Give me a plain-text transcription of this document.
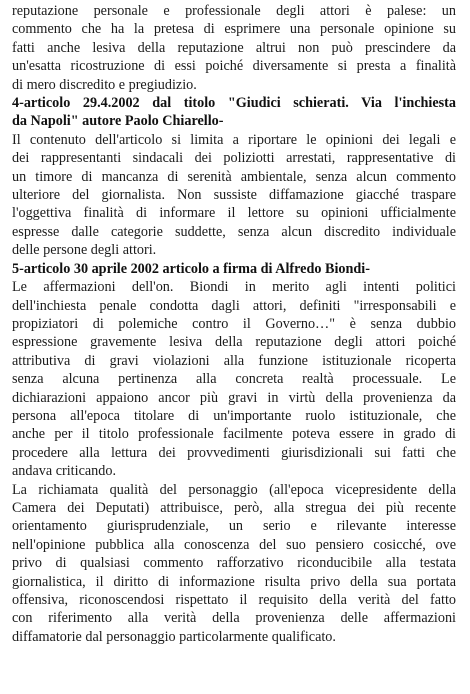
reputazione personale e professionale degli attori è palese: un
commento che ha la pretesa di esprimere una personale opinione su
fatti anche lesiva della reputazione altrui non può prescindere da
un'esatta ricostruzione di essi poiché diversamente si presta a finalità
di mero discredito e pregiudizio.
4-articolo 29.4.2002 dal titolo "Giudici schierati. Via l'inchiesta
da Napoli" autore Paolo Chiarello-
Il contenuto dell'articolo si limita a riportare le opinioni dei legali e
dei rappresentanti sindacali dei poliziotti arrestati, rappresentative di
un timore di mancanza di serenità ambientale, senza alcun commento
ulteriore del giornalista. Non sussiste diffamazione giacché traspare
l'oggettiva finalità di informare il lettore su opinioni ufficialmente
espresse dalle categorie suddette, senza alcun discredito individuale
delle persone degli attori.
5-articolo 30 aprile 2002 articolo a firma di Alfredo Biondi-
Le affermazioni dell'on. Biondi in merito agli intenti politici
dell'inchiesta penale condotta dagli attori, definiti "irresponsabili e
propiziatori di polemiche contro il Governo…" è senza dubbio
espressione gravemente lesiva della reputazione degli attori poiché
attributiva di gravi violazioni alla funzione istituzionale ricoperta
senza alcuna pertinenza alla concreta realtà processuale. Le
dichiarazioni appaiono ancor più gravi in virtù della provenienza da
persona all'epoca titolare di un'importante ruolo istituzionale, che
anche per il titolo professionale facilmente poteva essere in grado di
procedere alla lettura dei provvedimenti giurisdizionali sui fatti che
andava criticando.
La richiamata qualità del personaggio (all'epoca vicepresidente della
Camera dei Deputati) attribuisce, però, alla stregua dei più recente
orientamento giurisprudenziale, un serio e rilevante interesse
nell'opinione pubblica alla conoscenza del suo pensiero cosicché, ove
privo di qualsiasi commento rafforzativo riconducibile alla testata
giornalistica, il diritto di informazione risulta privo della sua portata
offensiva, riconoscendosi rispettato il requisito della verità del fatto
con riferimento alla verità della provenienza delle affermazioni
diffamatorie dal personaggio particolarmente qualificato.
